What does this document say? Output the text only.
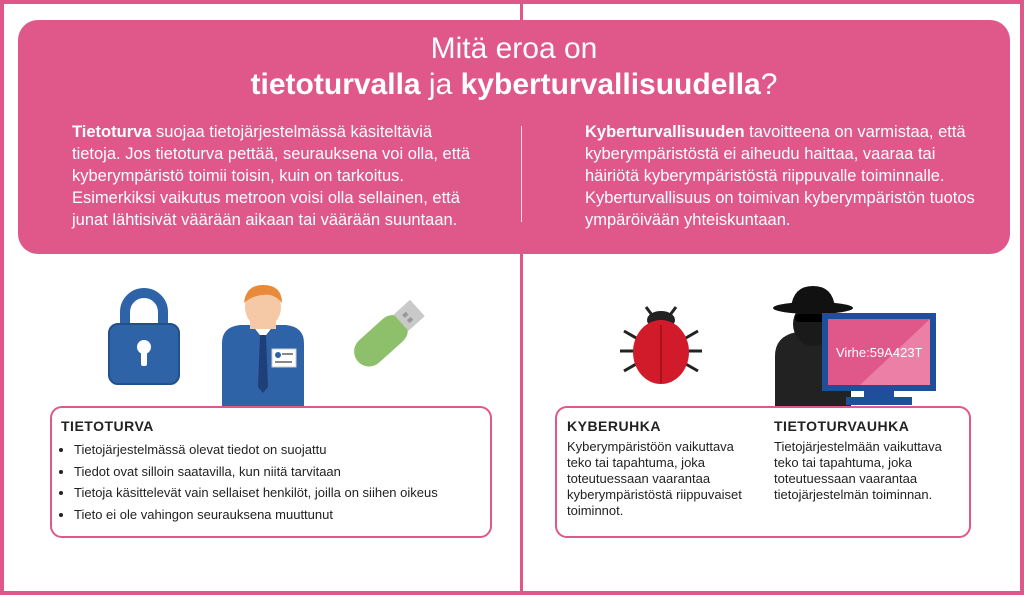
Mitä eroa on
tietoturvalla ja kyberturvallisuudella?
Tietoturva suojaa tietojärjestelmässä käsiteltäviä tietoja. Jos tietoturva pettää, seurauksena voi olla, että kyberympäristö toimii toisin, kuin on tarkoitus. Esimerkiksi vaikutus metroon voisi olla sellainen, että junat lähtisivät väärään aikaan tai väärään suuntaan.
Kyberturvallisuuden tavoitteena on varmistaa, että kyberympäristöstä ei aiheudu haittaa, vaaraa tai häiriötä kyberympäristöstä riippuvalle toiminnalle. Kyberturvallisuus on toimivan kyberympäristön tuotos ympäröivään yhteiskuntaan.
Virhe:59A423T
TIETOTURVA
• Tietojärjestelmässä olevat tiedot on suojattu
• Tiedot ovat silloin saatavilla, kun niitä tarvitaan
• Tietoja käsittelevät vain sellaiset henkilöt, joilla on siihen oikeus
• Tieto ei ole vahingon seurauksena muuttunut
KYBERUHKA

Kyberympäristöön vaikuttava teko tai tapahtuma, joka toteutuessaan vaarantaa kyberympäristöstä riippuvaiset toiminnot.

TIETOTURVAUHKA

Tietojärjestelmään vaikuttava teko tai tapahtuma, joka toteutuessaan vaarantaa tietojärjestelmän toiminnan.
